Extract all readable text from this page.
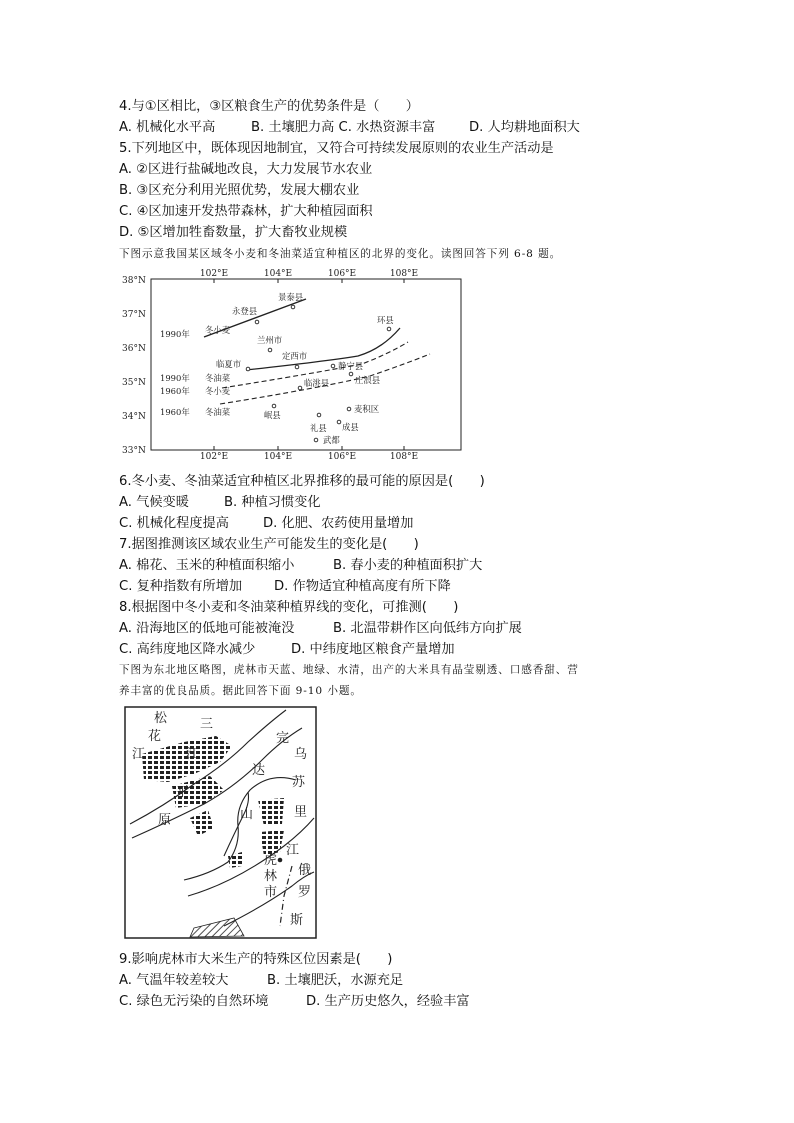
4.与①区相比，③区粮食生产的优势条件是（　　）
A. 机械化水平高	B. 土壤肥力高 C. 水热资源丰富	D. 人均耕地面积大
5.下列地区中，既体现因地制宜，又符合可持续发展原则的农业生产活动是
A. ②区进行盐碱地改良，大力发展节水农业
B. ③区充分利用光照优势，发展大棚农业
C. ④区加速开发热带森林，扩大种植园面积
D. ⑤区增加牲畜数量，扩大畜牧业规模
下图示意我国某区域冬小麦和冬油菜适宜种植区的北界的变化。读图回答下列 6-8 题。
102°E	104°E	106°E	108°E
102°E	104°E	106°E	108°E
38°N
37°N
36°N
35°N
34°N
33°N
1990年 冬小麦
1990年 冬油菜
1960年 冬小麦
1960年 冬油菜
景泰县
永登县
兰州市
定西市
临夏市	静宁县
环县
庄浪县
临洮县
岷县
礼县 成县
麦积区
武都
6.冬小麦、冬油菜适宜种植区北界推移的最可能的原因是(　　)
A. 气候变暖	B. 种植习惯变化
C. 机械化程度提高	D. 化肥、农药使用量增加
7.据图推测该区域农业生产可能发生的变化是(　　)
A. 棉花、玉米的种植面积缩小	B. 春小麦的种植面积扩大
C. 复种指数有所增加 D. 作物适宜种植高度有所下降
8.根据图中冬小麦和冬油菜种植界线的变化，可推测(　　)
A. 沿海地区的低地可能被淹没	B. 北温带耕作区向低纬方向扩展
C. 高纬度地区降水减少	D. 中纬度地区粮食产量增加
下图为东北地区略图，虎林市天蓝、地绿、水清，出产的大米具有晶莹剔透、口感香甜、营
养丰富的优良品质。据此回答下面 9-10 小题。
松
花
江
三
江
平
原
完
达
山
乌
苏
里
江
俄
罗
斯
虎
林
市
9.影响虎林市大米生产的特殊区位因素是(　　)
A. 气温年较差较大	B. 土壤肥沃，水源充足
C. 绿色无污染的自然环境	D. 生产历史悠久，经验丰富
